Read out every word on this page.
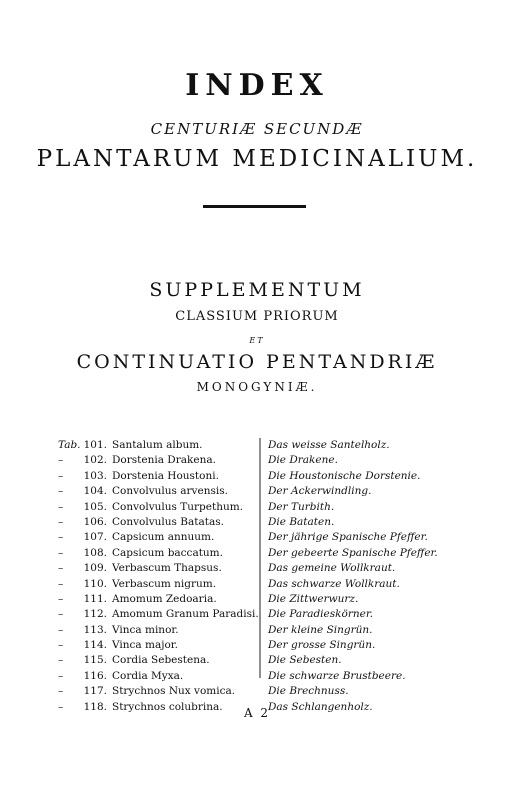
INDEX
CENTURIÆ SECUNDÆ
PLANTARUM MEDICINALIUM.
SUPPLEMENTUM
CLASSIUM PRIORUM
ET
CONTINUATIO PENTANDRIÆ
MONOGYNIÆ.
Tab. 101. Santalum album.	Das weisse Santelholz.
–	102. Dorstenia Drakena.	Die Drakene.
–	103. Dorstenia Houstoni.	Die Houstonische Dorstenie.
–	104. Convolvulus arvensis.	Der Ackerwindling.
–	105. Convolvulus Turpethum. Der Turbith.
–	106. Convolvulus Batatas.	Die Bataten.
–	107. Capsicum annuum.	Der jährige Spanische Pfeffer.
–	108. Capsicum baccatum.	Der gebeerte Spanische Pfeffer.
–	109. Verbascum Thapsus.	Das gemeine Wollkraut.
–	110. Verbascum nigrum.	Das schwarze Wollkraut.
–	111. Amomum Zedoaria.	Die Zittwerwurz.
–	112. Amomum Granum Paradisi. Die Paradieskörner.
–	113. Vinca minor.	Der kleine Singrün.
–	114. Vinca major.	Der grosse Singrün.
–	115. Cordia Sebestena.	Die Sebesten.
–	116. Cordia Myxa.	Die schwarze Brustbeere.
–	117. Strychnos Nux vomica.	Die Brechnuss.
–	118. Strychnos colubrina.	Das Schlangenholz.
A 2
